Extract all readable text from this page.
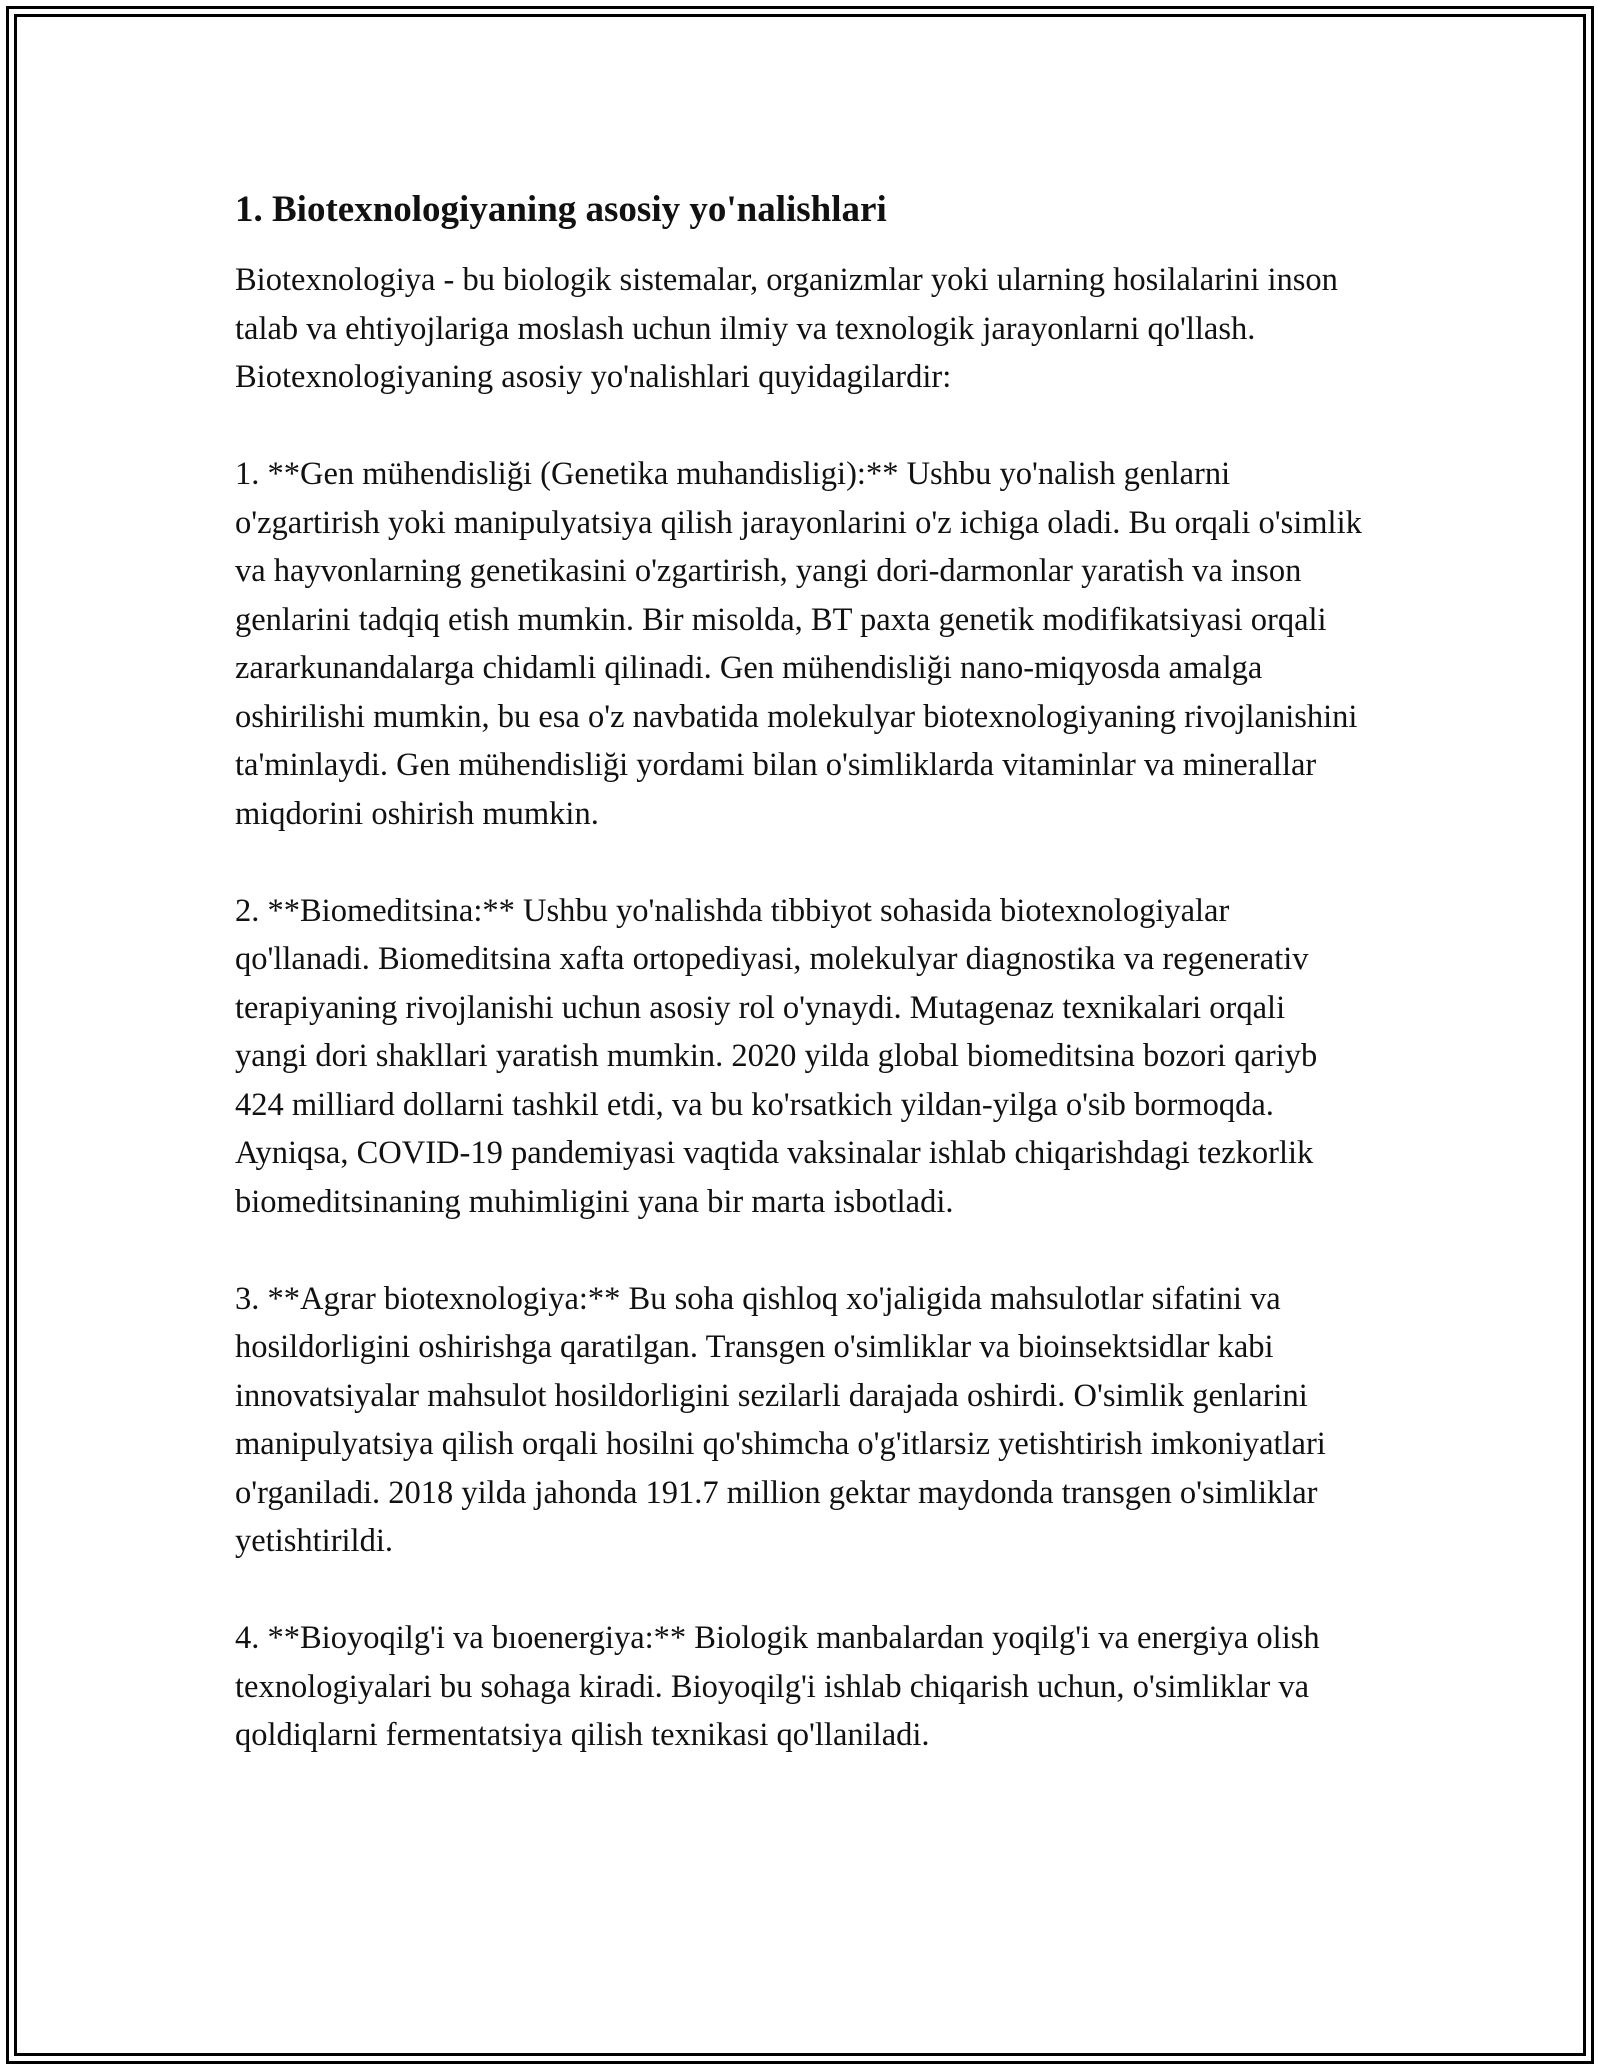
1. Biotexnologiyaning asosiy yo'nalishlari

Biotexnologiya - bu biologik sistemalar, organizmlar yoki ularning hosilalarini inson talab va ehtiyojlariga moslash uchun ilmiy va texnologik jarayonlarni qo'llash. Biotexnologiyaning asosiy yo'nalishlari quyidagilardir:

1. **Gen mühendisliği (Genetika muhandisligi):** Ushbu yo'nalish genlarni o'zgartirish yoki manipulyatsiya qilish jarayonlarini o'z ichiga oladi. Bu orqali o'simlik va hayvonlarning genetikasini o'zgartirish, yangi dori-darmonlar yaratish va inson genlarini tadqiq etish mumkin. Bir misolda, BT paxta genetik modifikatsiyasi orqali zararkunandalarga chidamli qilinadi. Gen mühendisliği nano-miqyosda amalga oshirilishi mumkin, bu esa o'z navbatida molekulyar biotexnologiyaning rivojlanishini ta'minlaydi. Gen mühendisliği yordami bilan o'simliklarda vitaminlar va minerallar miqdorini oshirish mumkin.

2. **Biomeditsina:** Ushbu yo'nalishda tibbiyot sohasida biotexnologiyalar qo'llanadi. Biomeditsina xafta ortopediyasi, molekulyar diagnostika va regenerativ terapiyaning rivojlanishi uchun asosiy rol o'ynaydi. Mutagenaz texnikalari orqali yangi dori shakllari yaratish mumkin. 2020 yilda global biomeditsina bozori qariyb 424 milliard dollarni tashkil etdi, va bu ko'rsatkich yildan-yilga o'sib bormoqda. Ayniqsa, COVID-19 pandemiyasi vaqtida vaksinalar ishlab chiqarishdagi tezkorlik biomeditsinaning muhimligini yana bir marta isbotladi.

3. **Agrar biotexnologiya:** Bu soha qishloq xo'jaligida mahsulotlar sifatini va hosildorligini oshirishga qaratilgan. Transgen o'simliklar va bioinsektsidlar kabi innovatsiyalar mahsulot hosildorligini sezilarli darajada oshirdi. O'simlik genlarini manipulyatsiya qilish orqali hosilni qo'shimcha o'g'itlarsiz yetishtirish imkoniyatlari o'rganiladi. 2018 yilda jahonda 191.7 million gektar maydonda transgen o'simliklar yetishtirildi.

4. **Bioyoqilg'i va bıoenergiya:** Biologik manbalardan yoqilg'i va energiya olish texnologiyalari bu sohaga kiradi. Bioyoqilg'i ishlab chiqarish uchun, o'simliklar va qoldiqlarni fermentatsiya qilish texnikasi qo'llaniladi.
